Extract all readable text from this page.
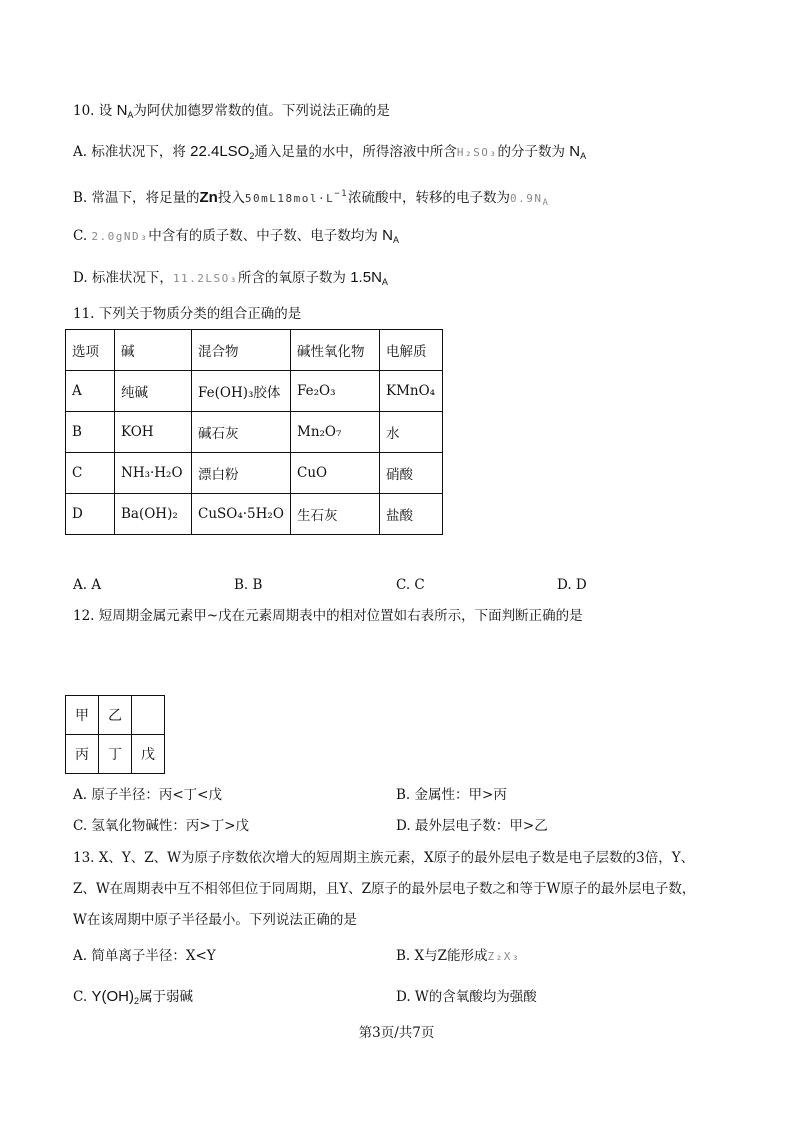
10. 设 $N_A$为阿伏加德罗常数的值。下列说法正确的是
A. 标准状况下，将 $22.4LSO_2$通入足量的水中，所得溶液中所含H₂SO₃的分子数为 $N_A$
B. 常温下，将足量的Zn投入$50mL18mol\cdot L^{-1}$浓硫酸中，转移的电子数为$0.9N_A$
C. 2.0gND₃中含有的质子数、中子数、电子数均为 $N_A$
D. 标准状况下，11.2LSO₃所含的氧原子数为 $1.5N_A$
11. 下列关于物质分类的组合正确的是
选项	碱	混合物	碱性氧化物	电解质
A	纯碱	Fe(OH)₃胶体	Fe₂O₃	KMnO₄
B	KOH	碱石灰	Mn₂O₇	水
C	NH₃·H₂O	漂白粉	CuO	硝酸
D	Ba(OH)₂	CuSO₄·5H₂O	生石灰	盐酸
A. A	B. B	C. C	D. D
12. 短周期金属元素甲~戊在元素周期表中的相对位置如右表所示，下面判断正确的是
甲	乙	
丙	丁	戊
A. 原子半径：丙<丁<戊	B. 金属性：甲>丙
C. 氢氧化物碱性：丙>丁>戊	D. 最外层电子数：甲>乙
13. X、Y、Z、W为原子序数依次增大的短周期主族元素，X原子的最外层电子数是电子层数的3倍，Y、
Z、W在周期表中互不相邻但位于同周期，且Y、Z原子的最外层电子数之和等于W原子的最外层电子数，
W在该周期中原子半径最小。下列说法正确的是
A. 简单离子半径：X<Y	B. X与Z能形成Z₂X₃
C. $Y(OH)_2$属于弱碱	D. W的含氧酸均为强酸
第3页/共7页
